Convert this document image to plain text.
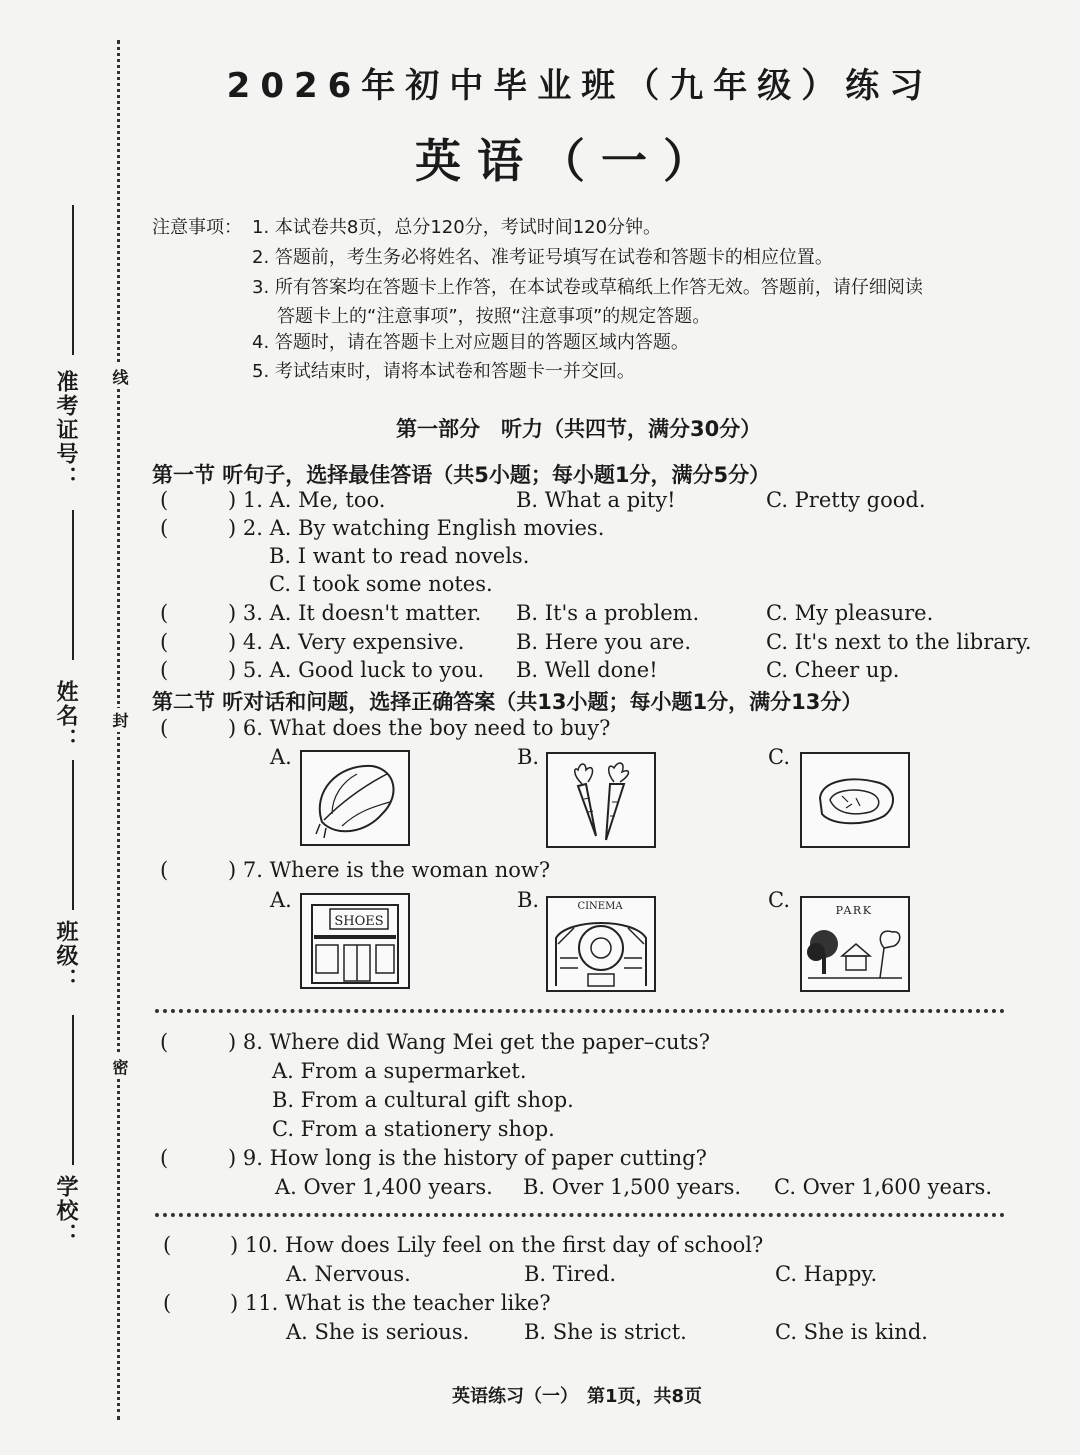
准考证号：
姓名：
班级：
学校：
线
封
密
2026年初中毕业班（九年级）练习
英语（一）
注意事项： 1. 本试卷共8页，总分120分，考试时间120分钟。
2. 答题前，考生务必将姓名、准考证号填写在试卷和答题卡的相应位置。
3. 所有答案均在答题卡上作答，在本试卷或草稿纸上作答无效。答题前，请仔细阅读
答题卡上的“注意事项”，按照“注意事项”的规定答题。
4. 答题时，请在答题卡上对应题目的答题区域内答题。
5. 考试结束时，请将本试卷和答题卡一并交回。
第一部分　听力（共四节，满分30分）
第一节 听句子，选择最佳答语（共5小题；每小题1分，满分5分）
(	) 1. A. Me, too.	B. What a pity!	C. Pretty good.
(	) 2. A. By watching English movies.
B. I want to read novels.
C. I took some notes.
(	) 3. A. It doesn't matter. B. It's a problem.	C. My pleasure.
(	) 4. A. Very expensive. B. Here you are.	C. It's next to the library.
(	) 5. A. Good luck to you. B. Well done!	C. Cheer up.
第二节 听对话和问题，选择正确答案（共13小题；每小题1分，满分13分）
(	) 6. What does the boy need to buy?
A.	B.	C.
(	) 7. Where is the woman now?
A.	B.	C.
SHOES
CINEMA	PARK
(	) 8. Where did Wang Mei get the paper–cuts?
A. From a supermarket.
B. From a cultural gift shop.
C. From a stationery shop.
(	) 9. How long is the history of paper cutting?
A. Over 1,400 years. B. Over 1,500 years. C. Over 1,600 years.
(	) 10. How does Lily feel on the first day of school?
A. Nervous.	B. Tired.	C. Happy.
(	) 11. What is the teacher like?
A. She is serious.	B. She is strict.	C. She is kind.
英语练习（一）　第1页，共8页
